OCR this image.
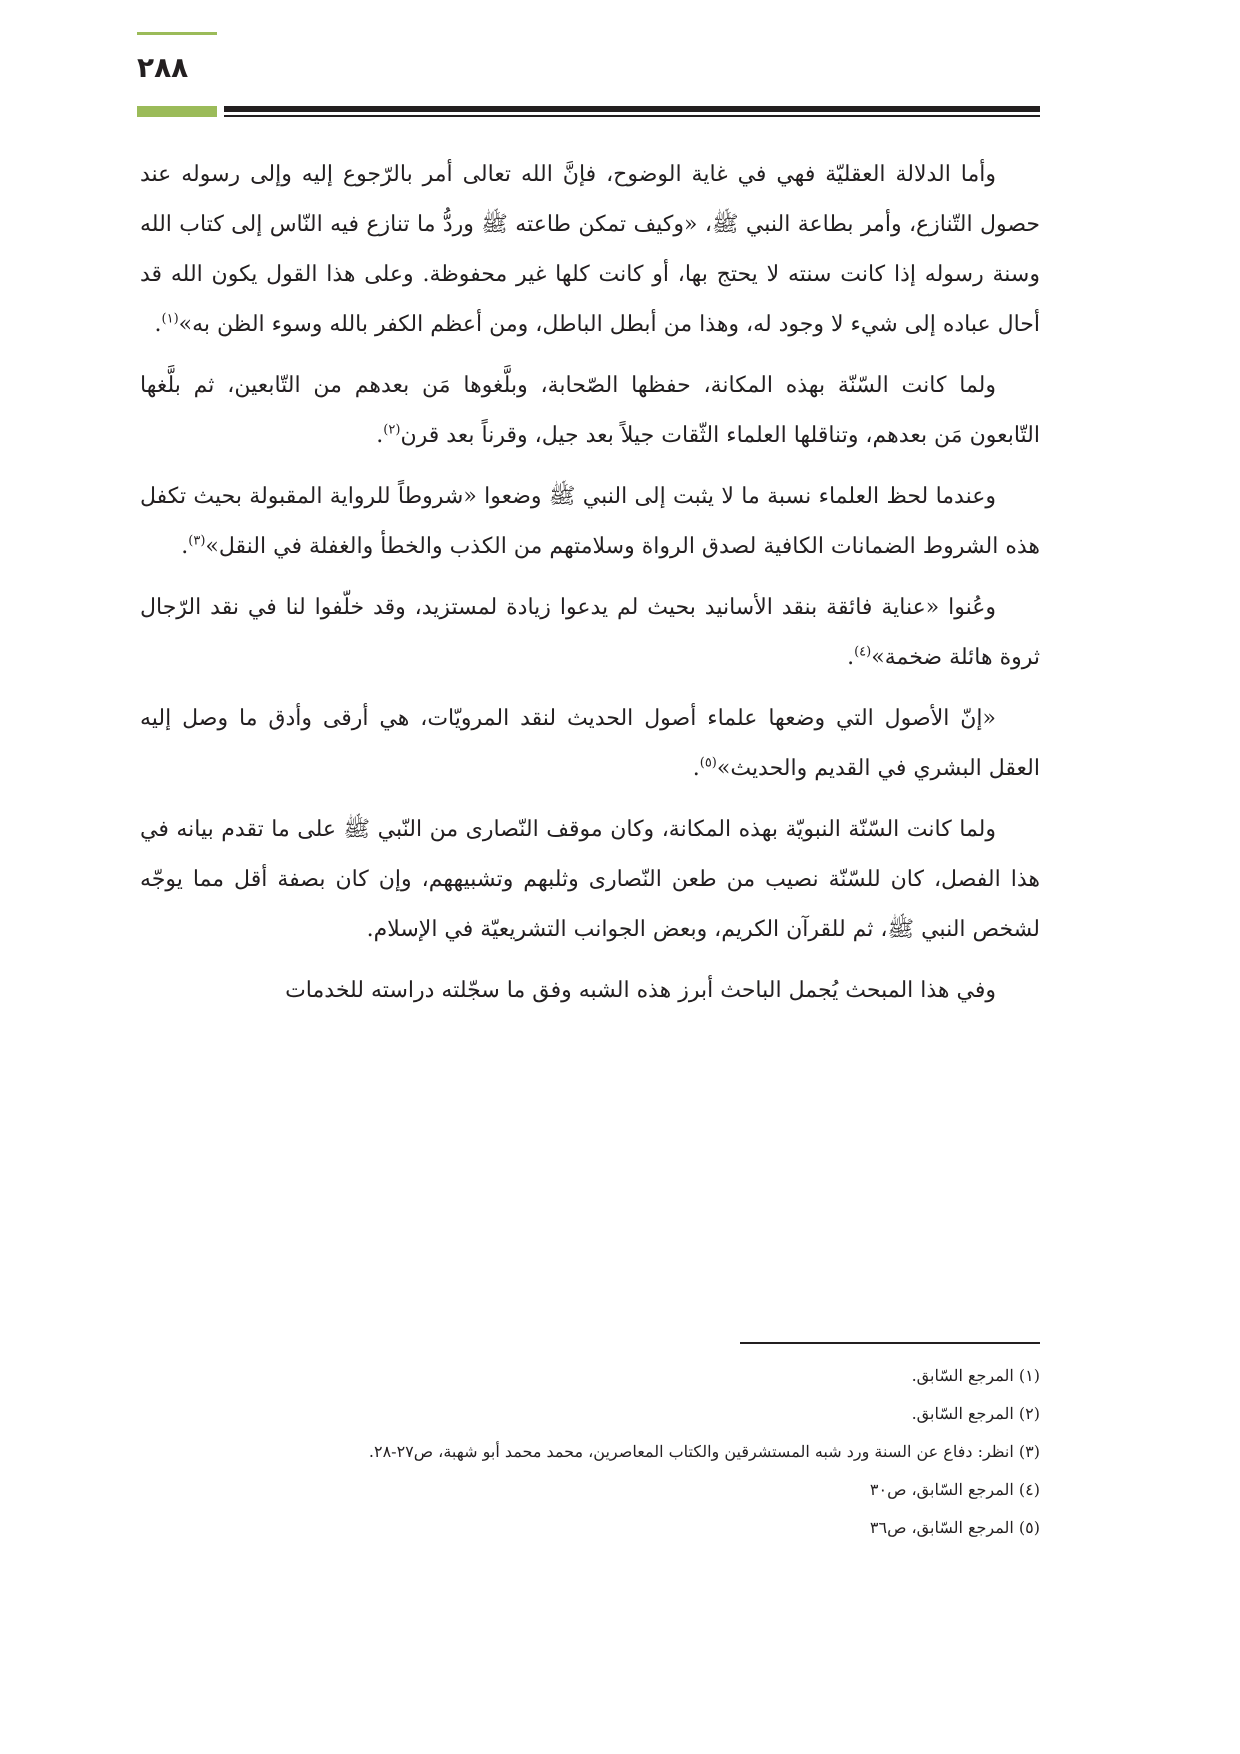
٢٨٨

وأما الدلالة العقليّة فهي في غاية الوضوح، فإنَّ الله تعالى أمر بالرّجوع إليه وإلى رسوله عند حصول التّنازع، وأمر بطاعة النبي ﷺ، «وكيف تمكن طاعته ﷺ وردُّ ما تنازع فيه النّاس إلى كتاب الله وسنة رسوله إذا كانت سنته لا يحتج بها، أو كانت كلها غير محفوظة. وعلى هذا القول يكون الله قد أحال عباده إلى شيء لا وجود له، وهذا من أبطل الباطل، ومن أعظم الكفر بالله وسوء الظن به»$^{(١)}$.

ولما كانت السّنّة بهذه المكانة، حفظها الصّحابة، وبلَّغوها مَن بعدهم من التّابعين، ثم بلَّغها التّابعون مَن بعدهم، وتناقلها العلماء الثّقات جيلاً بعد جيل، وقرناً بعد قرن$^{(٢)}$.

وعندما لحظ العلماء نسبة ما لا يثبت إلى النبي ﷺ وضعوا «شروطاً للرواية المقبولة بحيث تكفل هذه الشروط الضمانات الكافية لصدق الرواة وسلامتهم من الكذب والخطأ والغفلة في النقل»$^{(٣)}$.

وعُنوا «عناية فائقة بنقد الأسانيد بحيث لم يدعوا زيادة لمستزيد، وقد خلّفوا لنا في نقد الرّجال ثروة هائلة ضخمة»$^{(٤)}$.

«إنّ الأصول التي وضعها علماء أصول الحديث لنقد المرويّات، هي أرقى وأدق ما وصل إليه العقل البشري في القديم والحديث»$^{(٥)}$.

ولما كانت السّنّة النبويّة بهذه المكانة، وكان موقف النّصارى من النّبي ﷺ على ما تقدم بيانه في هذا الفصل، كان للسّنّة نصيب من طعن النّصارى وثلبهم وتشبيههم، وإن كان بصفة أقل مما يوجّه لشخص النبي ﷺ، ثم للقرآن الكريم، وبعض الجوانب التشريعيّة في الإسلام.

وفي هذا المبحث يُجمل الباحث أبرز هذه الشبه وفق ما سجّلته دراسته للخدمات

(١) المرجع السّابق.
(٢) المرجع السّابق.
(٣) انظر: دفاع عن السنة ورد شبه المستشرقين والكتاب المعاصرين، محمد محمد أبو شهبة، ص٢٧-٢٨.
(٤) المرجع السّابق، ص٣٠
(٥) المرجع السّابق، ص٣٦
